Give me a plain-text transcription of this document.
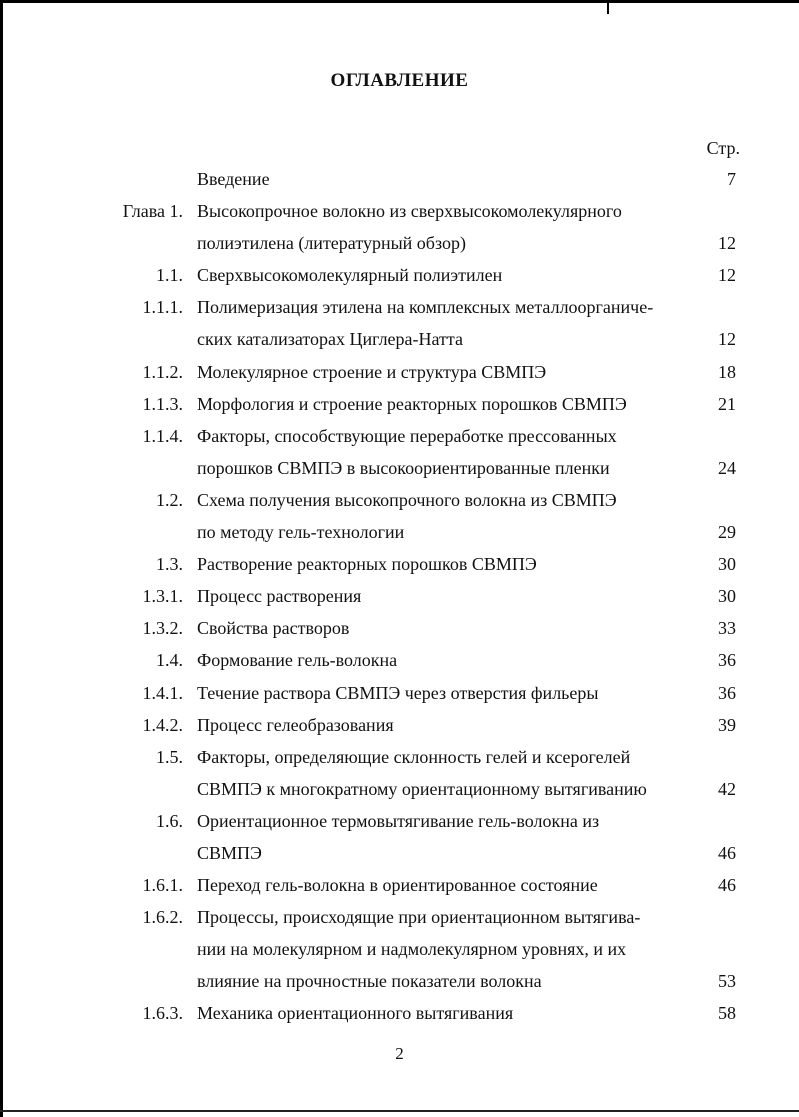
ОГЛАВЛЕНИЕ
Стр.
Введение	7
Глава 1. Высокопрочное волокно из сверхвысокомолекулярного
полиэтилена (литературный обзор)	12
1.1. Сверхвысокомолекулярный полиэтилен	12
1.1.1. Полимеризация этилена на комплексных металлоорганиче-
ских катализаторах Циглера-Натта	12
1.1.2. Молекулярное строение и структура СВМПЭ	18
1.1.3. Морфология и строение реакторных порошков СВМПЭ	21
1.1.4. Факторы, способствующие переработке прессованных
порошков СВМПЭ в высокоориентированные пленки	24
1.2. Схема получения высокопрочного волокна из СВМПЭ
по методу гель-технологии	29
1.3. Растворение реакторных порошков СВМПЭ	30
1.3.1. Процесс растворения	30
1.3.2. Свойства растворов	33
1.4. Формование гель-волокна	36
1.4.1. Течение раствора СВМПЭ через отверстия фильеры	36
1.4.2. Процесс гелеобразования	39
1.5. Факторы, определяющие склонность гелей и ксерогелей
СВМПЭ к многократному ориентационному вытягиванию	42
1.6. Ориентационное термовытягивание гель-волокна из
СВМПЭ	46
1.6.1. Переход гель-волокна в ориентированное состояние	46
1.6.2. Процессы, происходящие при ориентационном вытягива-
нии на молекулярном и надмолекулярном уровнях, и их
влияние на прочностные показатели волокна	53
1.6.3. Механика ориентационного вытягивания	58
2
